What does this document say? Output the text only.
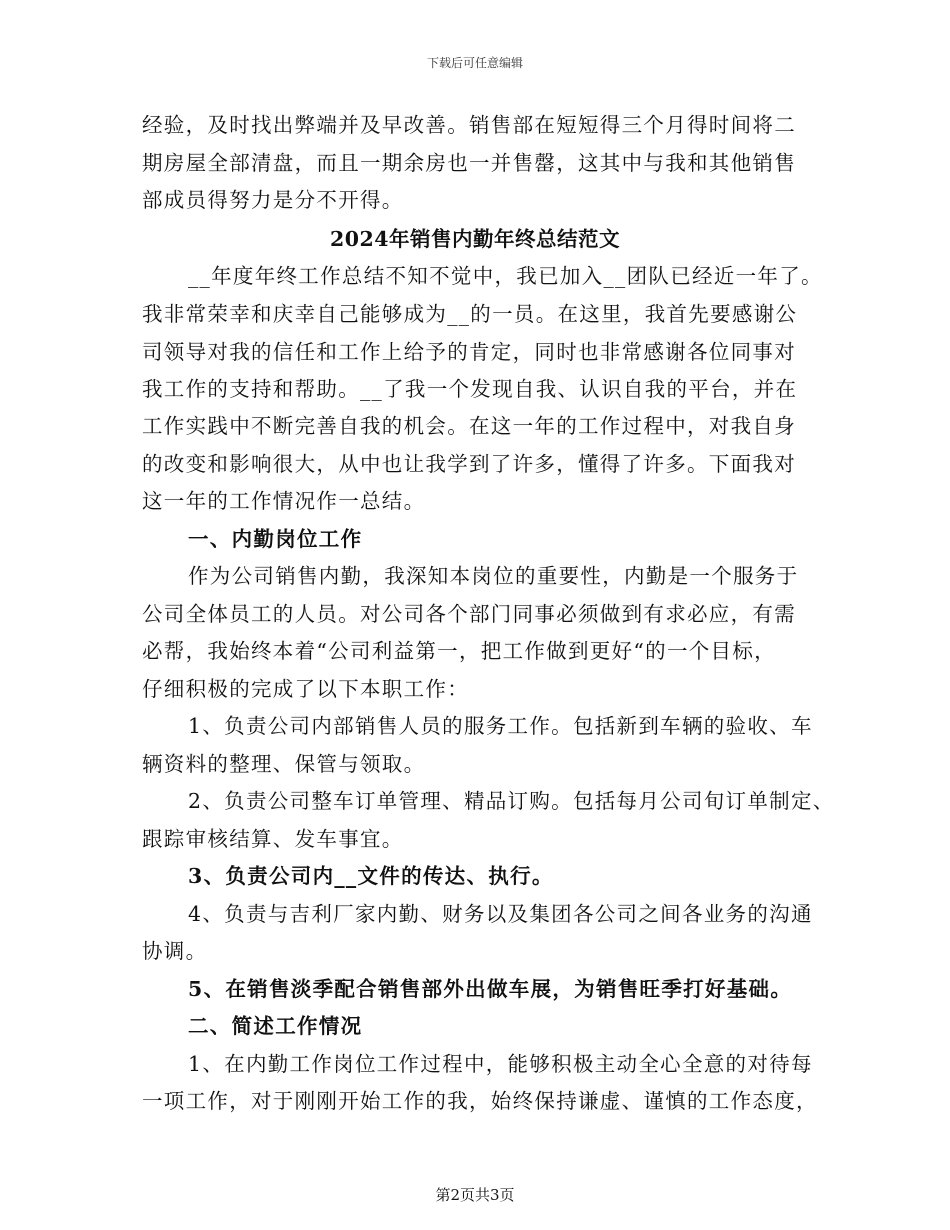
下载后可任意编辑
经验，及时找出弊端并及早改善。销售部在短短得三个月得时间将二
期房屋全部清盘，而且一期余房也一并售罄，这其中与我和其他销售
部成员得努力是分不开得。
2024年销售内勤年终总结范文
__年度年终工作总结不知不觉中，我已加入__团队已经近一年了。
我非常荣幸和庆幸自己能够成为__的一员。在这里，我首先要感谢公
司领导对我的信任和工作上给予的肯定，同时也非常感谢各位同事对
我工作的支持和帮助。__了我一个发现自我、认识自我的平台，并在
工作实践中不断完善自我的机会。在这一年的工作过程中，对我自身
的改变和影响很大，从中也让我学到了许多，懂得了许多。下面我对
这一年的工作情况作一总结。
一、内勤岗位工作
作为公司销售内勤，我深知本岗位的重要性，内勤是一个服务于
公司全体员工的人员。对公司各个部门同事必须做到有求必应，有需
必帮，我始终本着“公司利益第一，把工作做到更好“的一个目标，
仔细积极的完成了以下本职工作：
1、负责公司内部销售人员的服务工作。包括新到车辆的验收、车
辆资料的整理、保管与领取。
2、负责公司整车订单管理、精品订购。包括每月公司旬订单制定、
跟踪审核结算、发车事宜。
3、负责公司内__文件的传达、执行。
4、负责与吉利厂家内勤、财务以及集团各公司之间各业务的沟通
协调。
5、在销售淡季配合销售部外出做车展，为销售旺季打好基础。
二、简述工作情况
1、在内勤工作岗位工作过程中，能够积极主动全心全意的对待每
一项工作，对于刚刚开始工作的我，始终保持谦虚、谨慎的工作态度，
第2页共3页
